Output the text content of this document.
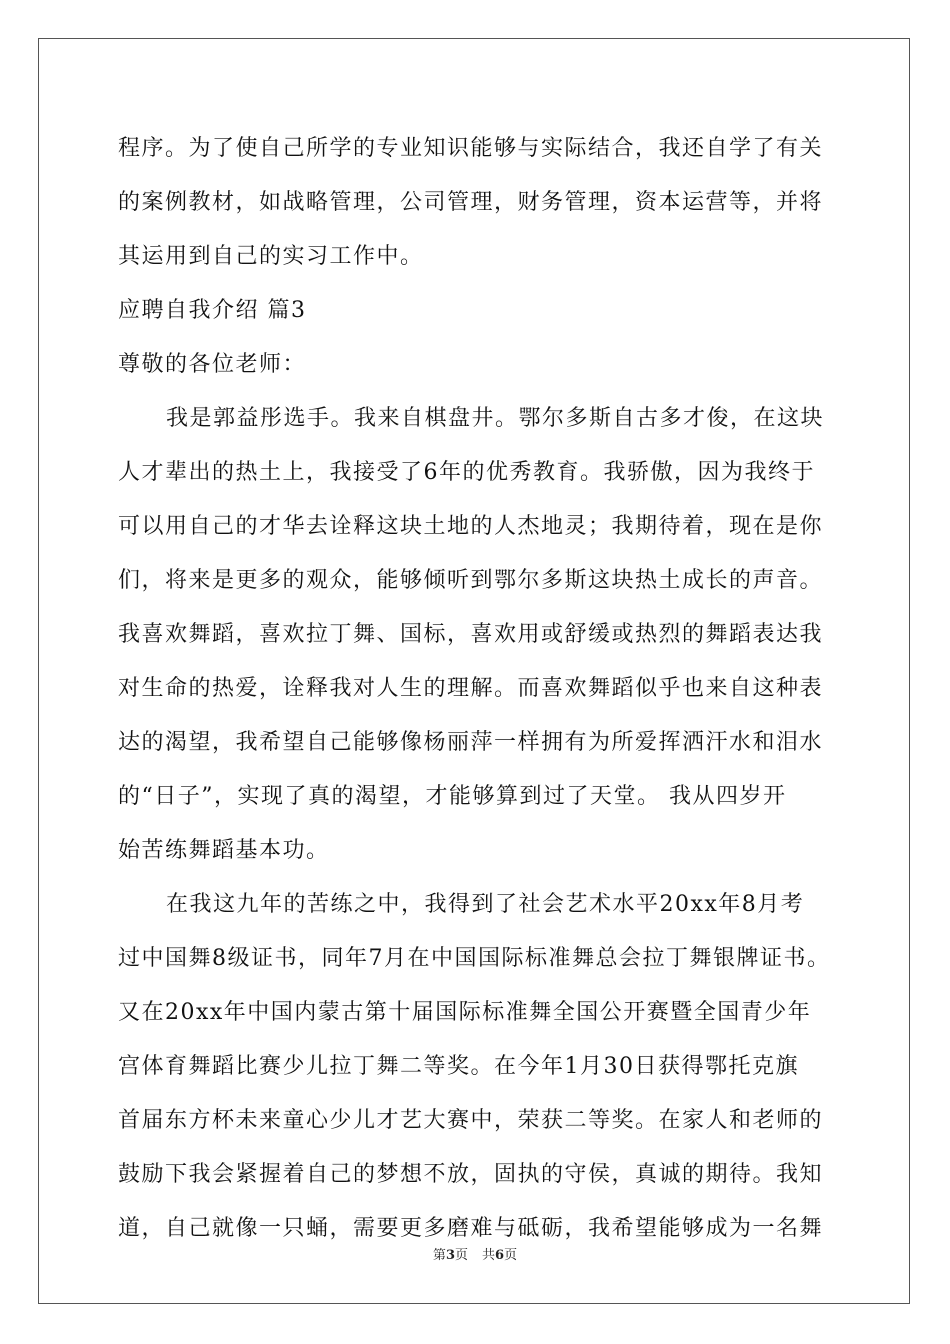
程序。为了使自己所学的专业知识能够与实际结合，我还自学了有关
的案例教材，如战略管理，公司管理，财务管理，资本运营等，并将
其运用到自己的实习工作中。
应聘自我介绍 篇3
尊敬的各位老师：
我是郭益彤选手。我来自棋盘井。鄂尔多斯自古多才俊，在这块
人才辈出的热土上，我接受了6年的优秀教育。我骄傲，因为我终于
可以用自己的才华去诠释这块土地的人杰地灵；我期待着，现在是你
们，将来是更多的观众，能够倾听到鄂尔多斯这块热土成长的声音。
我喜欢舞蹈，喜欢拉丁舞、国标，喜欢用或舒缓或热烈的舞蹈表达我
对生命的热爱，诠释我对人生的理解。而喜欢舞蹈似乎也来自这种表
达的渴望，我希望自己能够像杨丽萍一样拥有为所爱挥洒汗水和泪水
的“日子”，实现了真的渴望，才能够算到过了天堂。 我从四岁开
始苦练舞蹈基本功。
在我这九年的苦练之中，我得到了社会艺术水平20xx年8月考
过中国舞8级证书，同年7月在中国国际标准舞总会拉丁舞银牌证书。
又在20xx年中国内蒙古第十届国际标准舞全国公开赛暨全国青少年
宫体育舞蹈比赛少儿拉丁舞二等奖。在今年1月30日获得鄂托克旗
首届东方杯未来童心少儿才艺大赛中，荣获二等奖。在家人和老师的
鼓励下我会紧握着自己的梦想不放，固执的守侯，真诚的期待。我知
道，自己就像一只蛹，需要更多磨难与砥砺，我希望能够成为一名舞
第3页 共6页
